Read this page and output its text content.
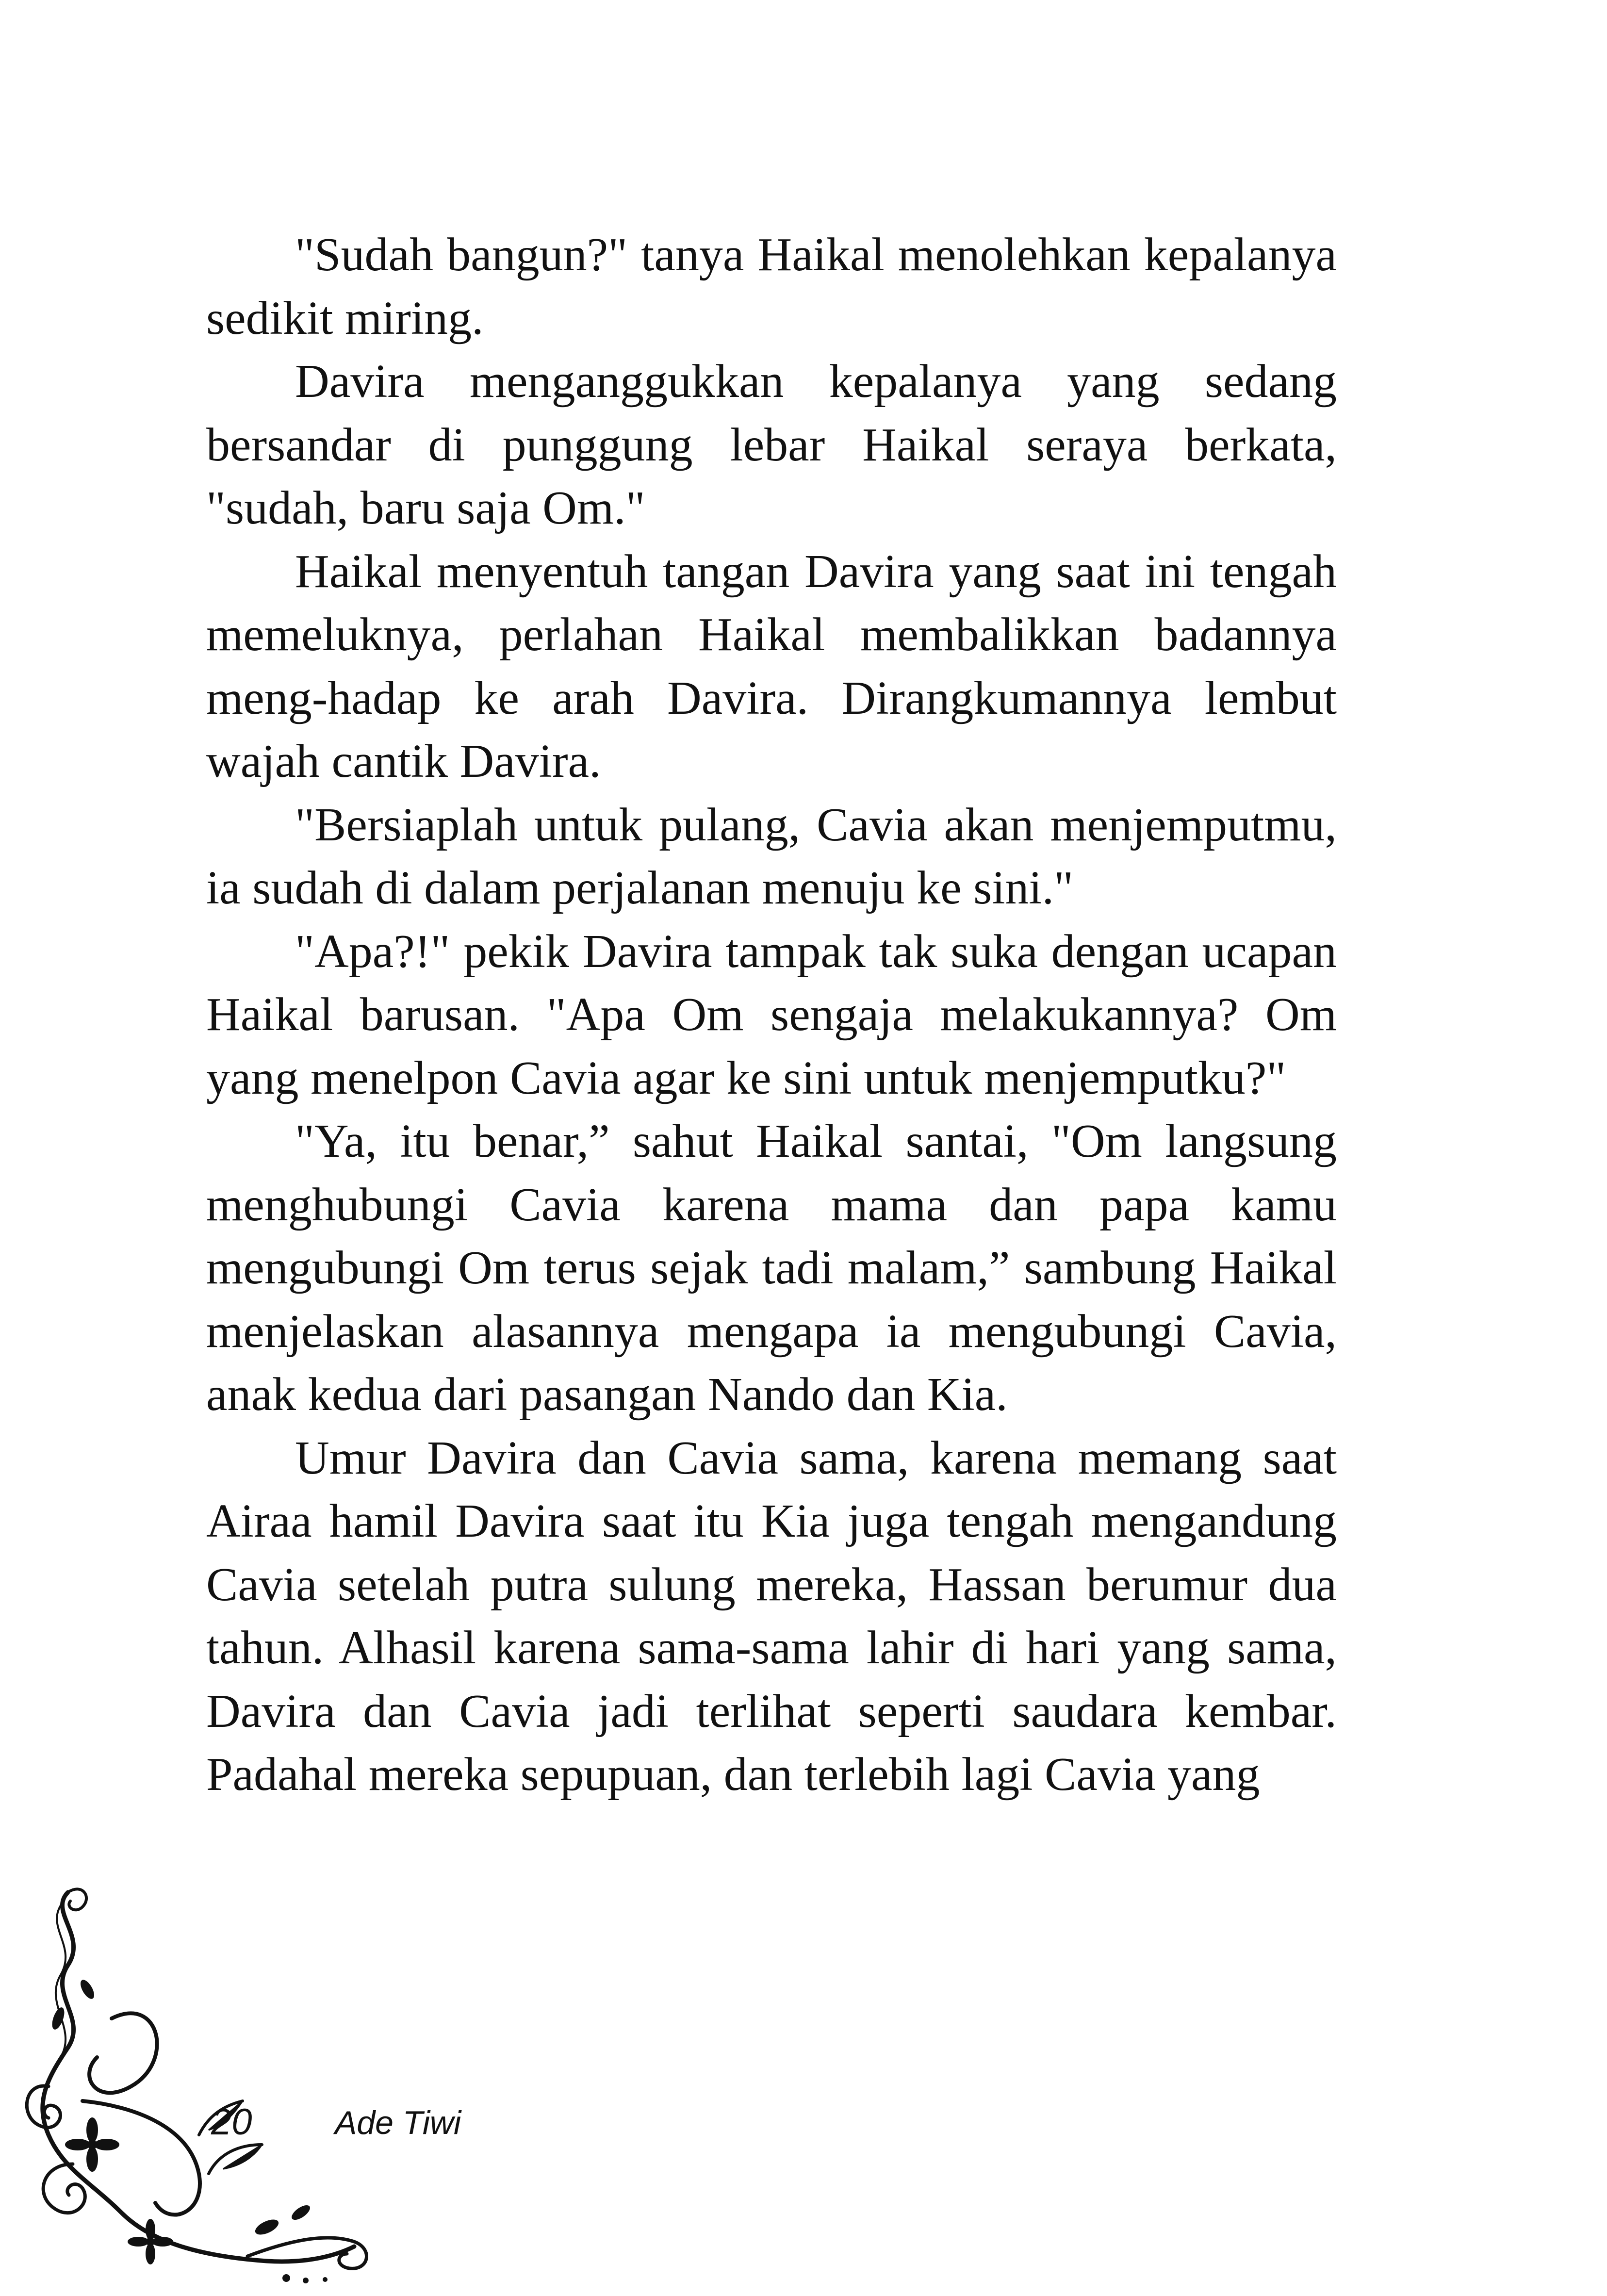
"Sudah bangun?" tanya Haikal menolehkan kepalanya sedikit miring.

Davira menganggukkan kepalanya yang sedang bersandar di punggung lebar Haikal seraya berkata, "sudah, baru saja Om."

Haikal menyentuh tangan Davira yang saat ini tengah memeluknya, perlahan Haikal membalikkan badannya meng-hadap ke arah Davira. Dirangkumannya lembut wajah cantik Davira.

"Bersiaplah untuk pulang, Cavia akan menjemputmu, ia sudah di dalam perjalanan menuju ke sini."

"Apa?!" pekik Davira tampak tak suka dengan ucapan Haikal barusan. "Apa Om sengaja melakukannya? Om yang menelpon Cavia agar ke sini untuk menjemputku?"

"Ya, itu benar,” sahut Haikal santai, "Om langsung menghubungi Cavia karena mama dan papa kamu mengubungi Om terus sejak tadi malam,” sambung Haikal menjelaskan alasannya mengapa ia mengubungi Cavia, anak kedua dari pasangan Nando dan Kia.

Umur Davira dan Cavia sama, karena memang saat Airaa hamil Davira saat itu Kia juga tengah mengandung Cavia setelah putra sulung mereka, Hassan berumur dua tahun. Alhasil karena sama-sama lahir di hari yang sama, Davira dan Cavia jadi terlihat seperti saudara kembar. Padahal mereka sepupuan, dan terlebih lagi Cavia yang

20	Ade Tiwi
